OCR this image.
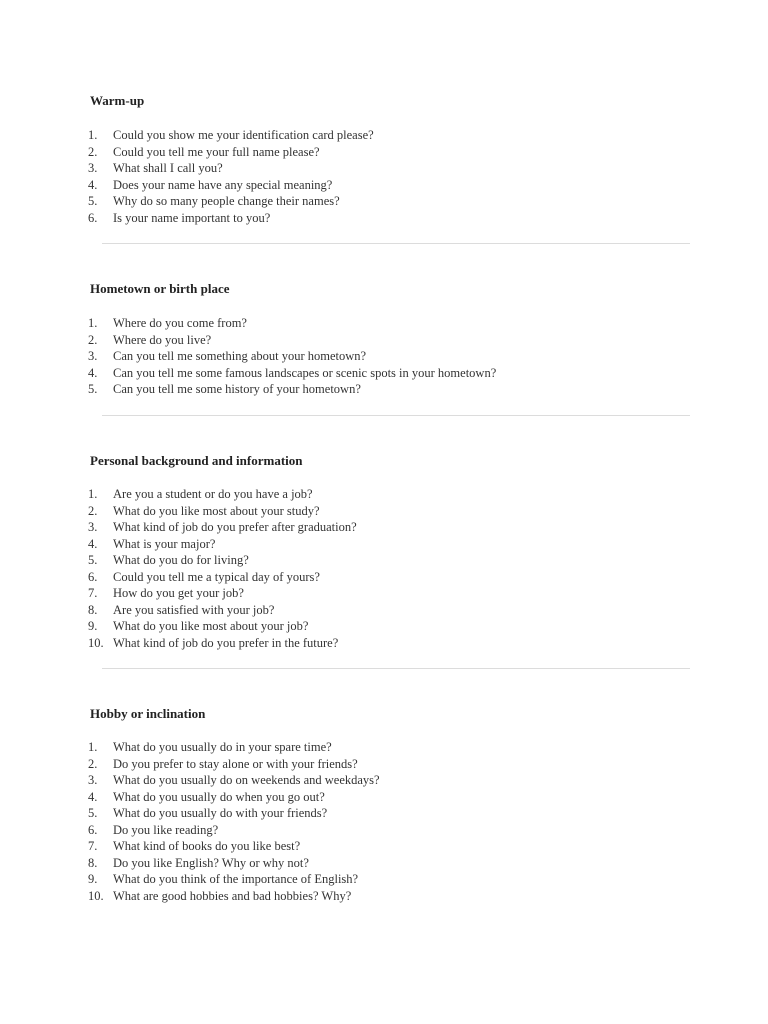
Warm-up
1.	Could you show me your identification card please?
2.	Could you tell me your full name please?
3.	What shall I call you?
4.	Does your name have any special meaning?
5.	Why do so many people change their names?
6.	Is your name important to you?
Hometown or birth place
1.	Where do you come from?
2.	Where do you live?
3.	Can you tell me something about your hometown?
4.	Can you tell me some famous landscapes or scenic spots in your hometown?
5.	Can you tell me some history of your hometown?
Personal background and information
1.	Are you a student or do you have a job?
2.	What do you like most about your study?
3.	What kind of job do you prefer after graduation?
4.	What is your major?
5.	What do you do for living?
6.	Could you tell me a typical day of yours?
7.	How do you get your job?
8.	Are you satisfied with your job?
9.	What do you like most about your job?
10. What kind of job do you prefer in the future?
Hobby or inclination
1.	What do you usually do in your spare time?
2.	Do you prefer to stay alone or with your friends?
3.	What do you usually do on weekends and weekdays?
4.	What do you usually do when you go out?
5.	What do you usually do with your friends?
6.	Do you like reading?
7.	What kind of books do you like best?
8.	Do you like English? Why or why not?
9.	What do you think of the importance of English?
10. What are good hobbies and bad hobbies? Why?
